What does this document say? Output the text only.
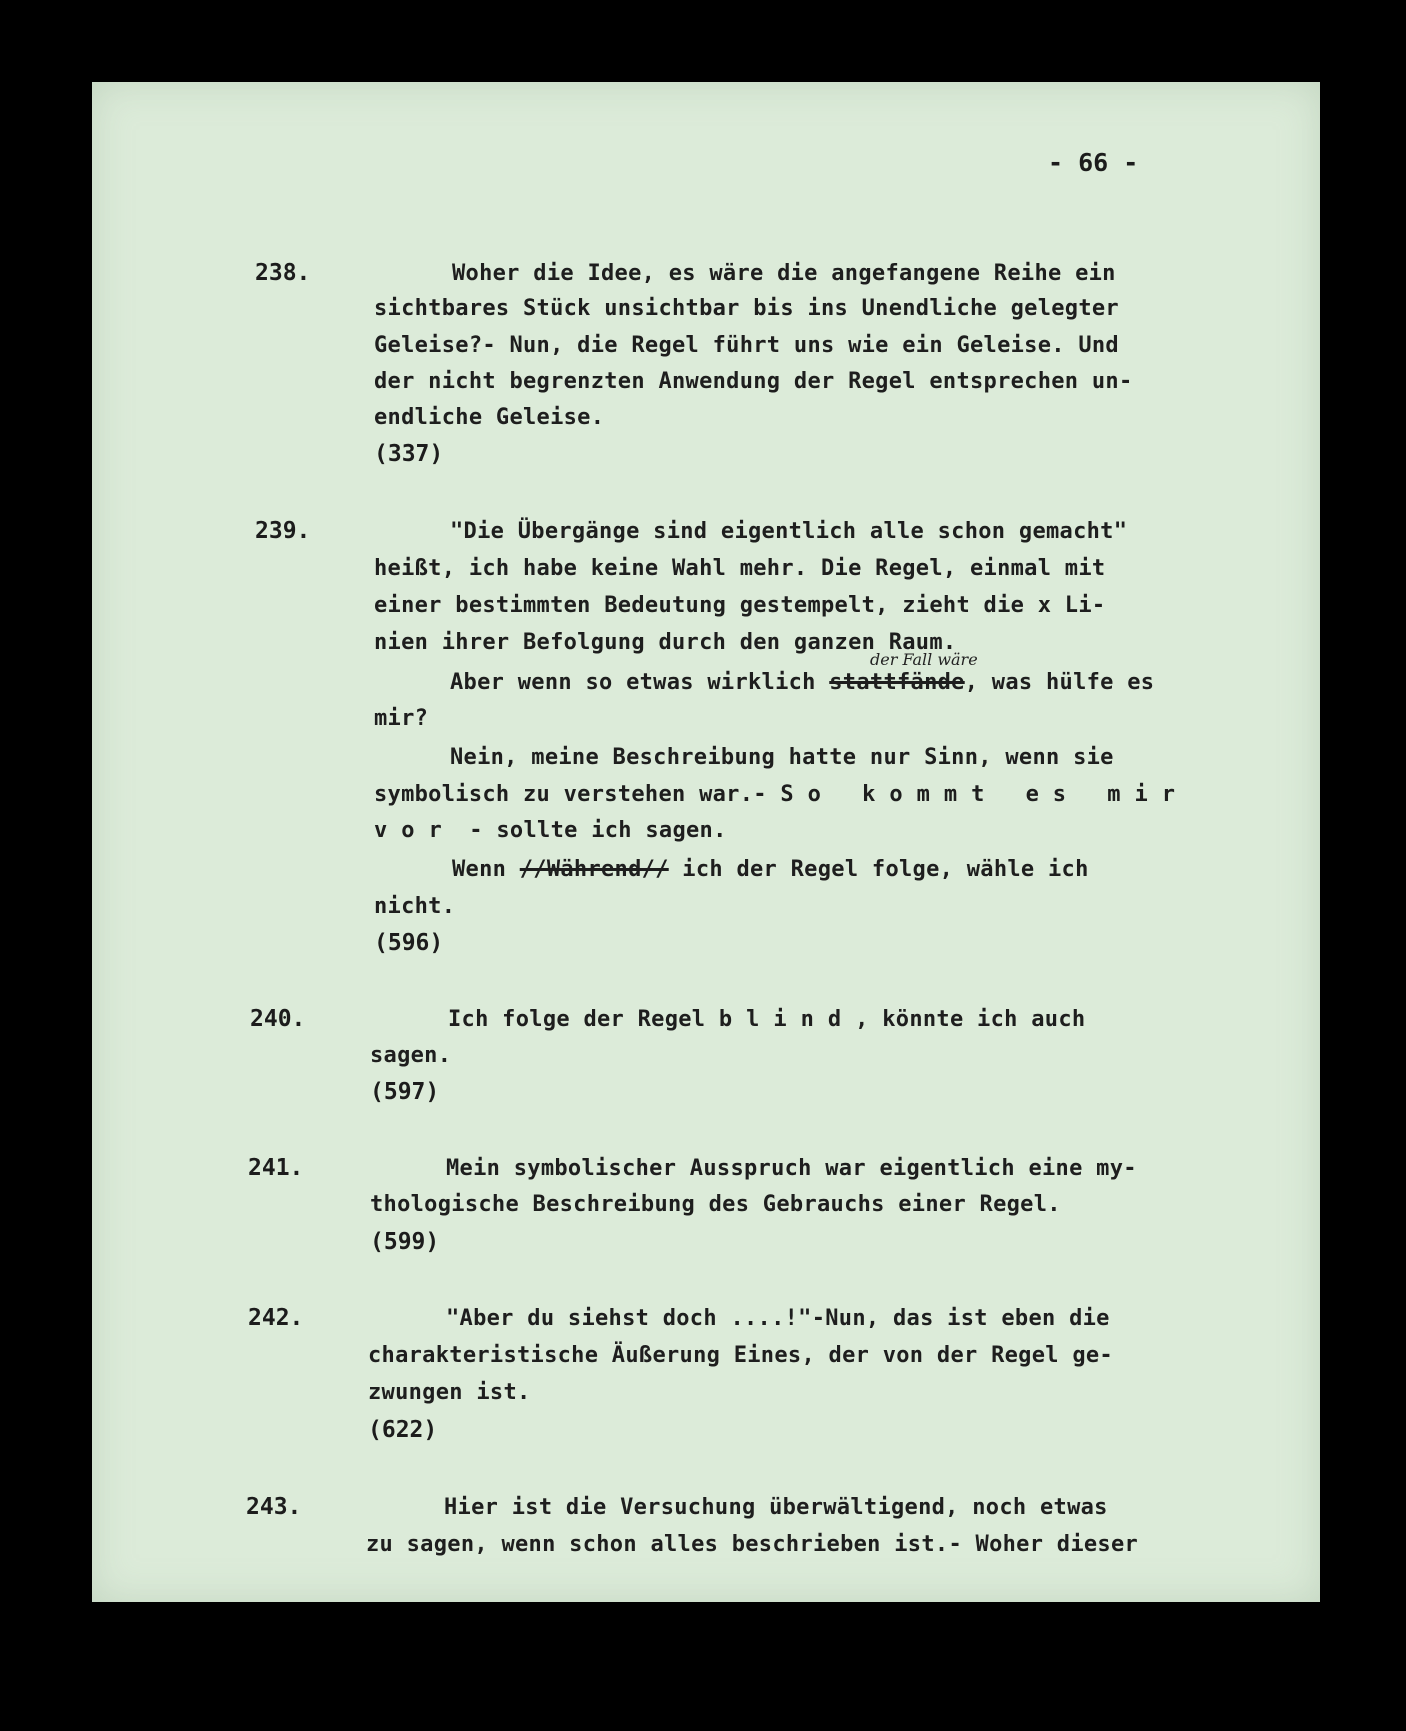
- 66 -
238.	Woher die Idee, es wäre die angefangene Reihe ein
sichtbares Stück unsichtbar bis ins Unendliche gelegter
Geleise?- Nun, die Regel führt uns wie ein Geleise. Und
der nicht begrenzten Anwendung der Regel entsprechen un-
endliche Geleise.
(337)
239.	"Die Übergänge sind eigentlich alle schon gemacht"
heißt, ich habe keine Wahl mehr. Die Regel, einmal mit
einer bestimmten Bedeutung gestempelt, zieht die x Li-
nien ihrer Befolgung durch den ganzen Raum.
der Fall wäre
Aber wenn so etwas wirklich stattfände, was hülfe es
mir?
Nein, meine Beschreibung hatte nur Sinn, wenn sie
symbolisch zu verstehen war.- So kommt es mir
vor - sollte ich sagen.
Wenn //Während// ich der Regel folge, wähle ich
nicht.
(596)
240.	Ich folge der Regel blind, könnte ich auch
sagen.
(597)
241.	Mein symbolischer Ausspruch war eigentlich eine my-
thologische Beschreibung des Gebrauchs einer Regel.
(599)
242.	"Aber du siehst doch ....!"-Nun, das ist eben die
charakteristische Äußerung Eines, der von der Regel ge-
zwungen ist.
(622)
243.	Hier ist die Versuchung überwältigend, noch etwas
zu sagen, wenn schon alles beschrieben ist.- Woher dieser
